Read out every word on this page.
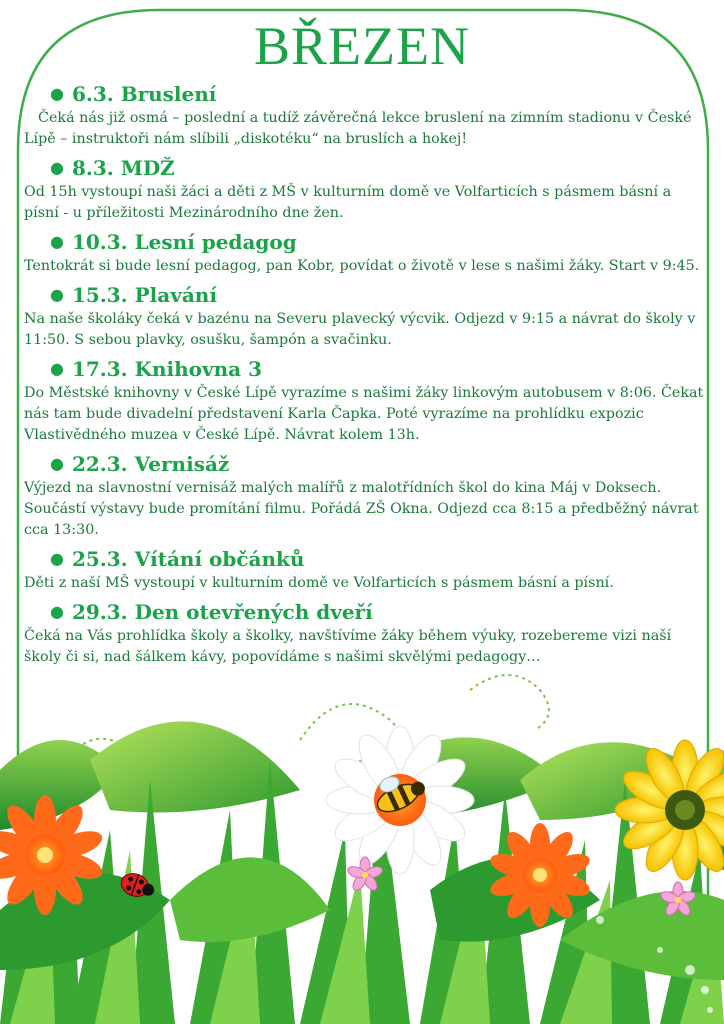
BŘEZEN
● 6.3. Bruslení
Čeká nás již osmá – poslední a tudíž závěrečná lekce bruslení na zimním stadionu v České Lípě – instruktoři nám slíbili „diskotéku“ na bruslích a hokej!
● 8.3. MDŽ
Od 15h vystoupí naši žáci a děti z MŠ v kulturním domě ve Volfarticích s pásmem básní a písní - u příležitosti Mezinárodního dne žen.
● 10.3. Lesní pedagog
Tentokrát si bude lesní pedagog, pan Kobr, povídat o životě v lese s našimi žáky. Start v 9:45.
● 15.3. Plavání
Na naše školáky čeká v bazénu na Severu plavecký výcvik. Odjezd v 9:15 a návrat do školy v 11:50. S sebou plavky, osušku, šampón a svačinku.
● 17.3. Knihovna 3
Do Městské knihovny v České Lípě vyrazíme s našimi žáky linkovým autobusem v 8:06. Čekat nás tam bude divadelní představení Karla Čapka. Poté vyrazíme na prohlídku expozic Vlastivědného muzea v České Lípě. Návrat kolem 13h.
● 22.3. Vernisáž
Výjezd na slavnostní vernisáž malých malířů z malotřídních škol do kina Máj v Doksech. Součástí výstavy bude promítání filmu. Pořádá ZŠ Okna. Odjezd cca 8:15 a předběžný návrat cca 13:30.
● 25.3. Vítání občánků
Děti z naší MŠ vystoupí v kulturním domě ve Volfarticích s pásmem básní a písní.
● 29.3. Den otevřených dveří
Čeká na Vás prohlídka školy a školky, navštívíme žáky během výuky, rozebereme vizi naší školy či si, nad šálkem kávy, popovídáme s našimi skvělými pedagogy…
